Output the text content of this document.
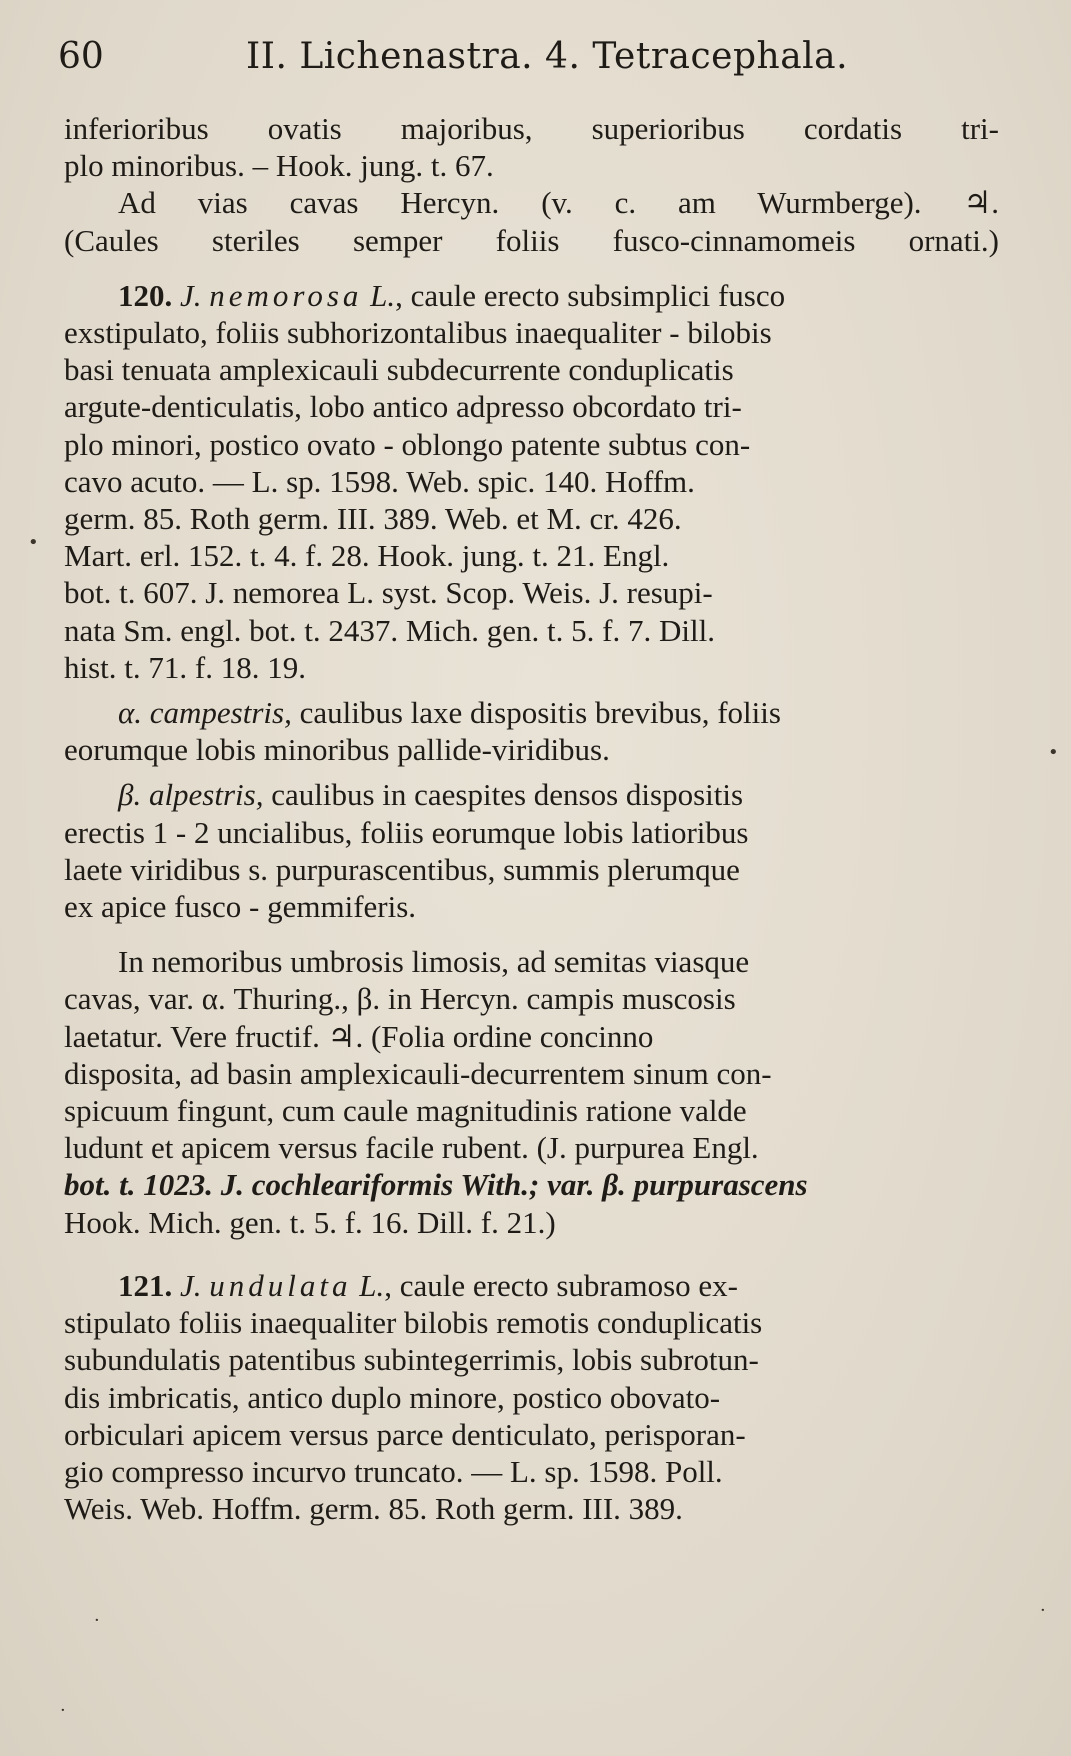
60	II. Lichenastra. 4. Tetracephala.

inferioribus ovatis majoribus, superioribus cordatis tri-
plo minoribus. – Hook. jung. t. 67.

Ad vias cavas Hercyn. (v. c. am Wurmberge). ♃.
(Caules steriles semper foliis fusco-cinnamomeis ornati.)

120. J. nemorosa L., caule erecto subsimplici fusco
exstipulato, foliis subhorizontalibus inaequaliter - bilobis
basi tenuata amplexicauli subdecurrente conduplicatis
argute-denticulatis, lobo antico adpresso obcordato tri-
plo minori, postico ovato - oblongo patente subtus con-
cavo acuto. — L. sp. 1598. Web. spic. 140. Hoffm.
germ. 85. Roth germ. III. 389. Web. et M. cr. 426.
Mart. erl. 152. t. 4. f. 28. Hook. jung. t. 21. Engl.
bot. t. 607. J. nemorea L. syst. Scop. Weis. J. resupi-
nata Sm. engl. bot. t. 2437. Mich. gen. t. 5. f. 7. Dill.
hist. t. 71. f. 18. 19.

α. campestris, caulibus laxe dispositis brevibus, foliis
eorumque lobis minoribus pallide-viridibus.

β. alpestris, caulibus in caespites densos dispositis
erectis 1 - 2 uncialibus, foliis eorumque lobis latioribus
laete viridibus s. purpurascentibus, summis plerumque
ex apice fusco - gemmiferis.

In nemoribus umbrosis limosis, ad semitas viasque
cavas, var. α. Thuring., β. in Hercyn. campis muscosis
laetatur. Vere fructif. ♃. (Folia ordine concinno
disposita, ad basin amplexicauli-decurrentem sinum con-
spicuum fingunt, cum caule magnitudinis ratione valde
ludunt et apicem versus facile rubent. (J. purpurea Engl.
bot. t. 1023. J. cochleariformis With.; var. β. purpurascens
Hook. Mich. gen. t. 5. f. 16. Dill. f. 21.)

121. J. undulata L., caule erecto subramoso ex-
stipulato foliis inaequaliter bilobis remotis conduplicatis
subundulatis patentibus subintegerrimis, lobis subrotun-
dis imbricatis, antico duplo minore, postico obovato-
orbiculari apicem versus parce denticulato, perisporan-
gio compresso incurvo truncato. — L. sp. 1598. Poll.
Weis. Web. Hoffm. germ. 85. Roth germ. III. 389.

•
•
·
·
·
